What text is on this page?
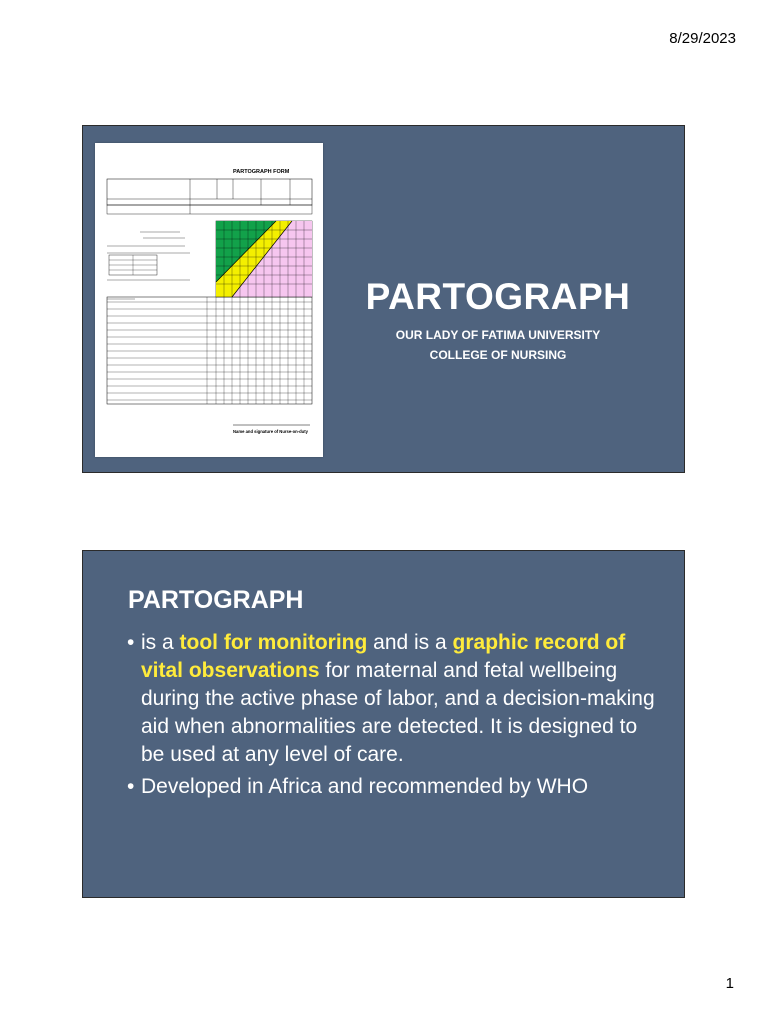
8/29/2023
PARTOGRAPH FORM
Name and signature of Nurse-on-duty
PARTOGRAPH
OUR LADY OF FATIMA UNIVERSITY
COLLEGE OF NURSING
PARTOGRAPH
• is a tool for monitoring and is a graphic record of vital observations for maternal and fetal wellbeing during the active phase of labor, and a decision-making aid when abnormalities are detected. It is designed to be used at any level of care.
• Developed in Africa and recommended by WHO
1
